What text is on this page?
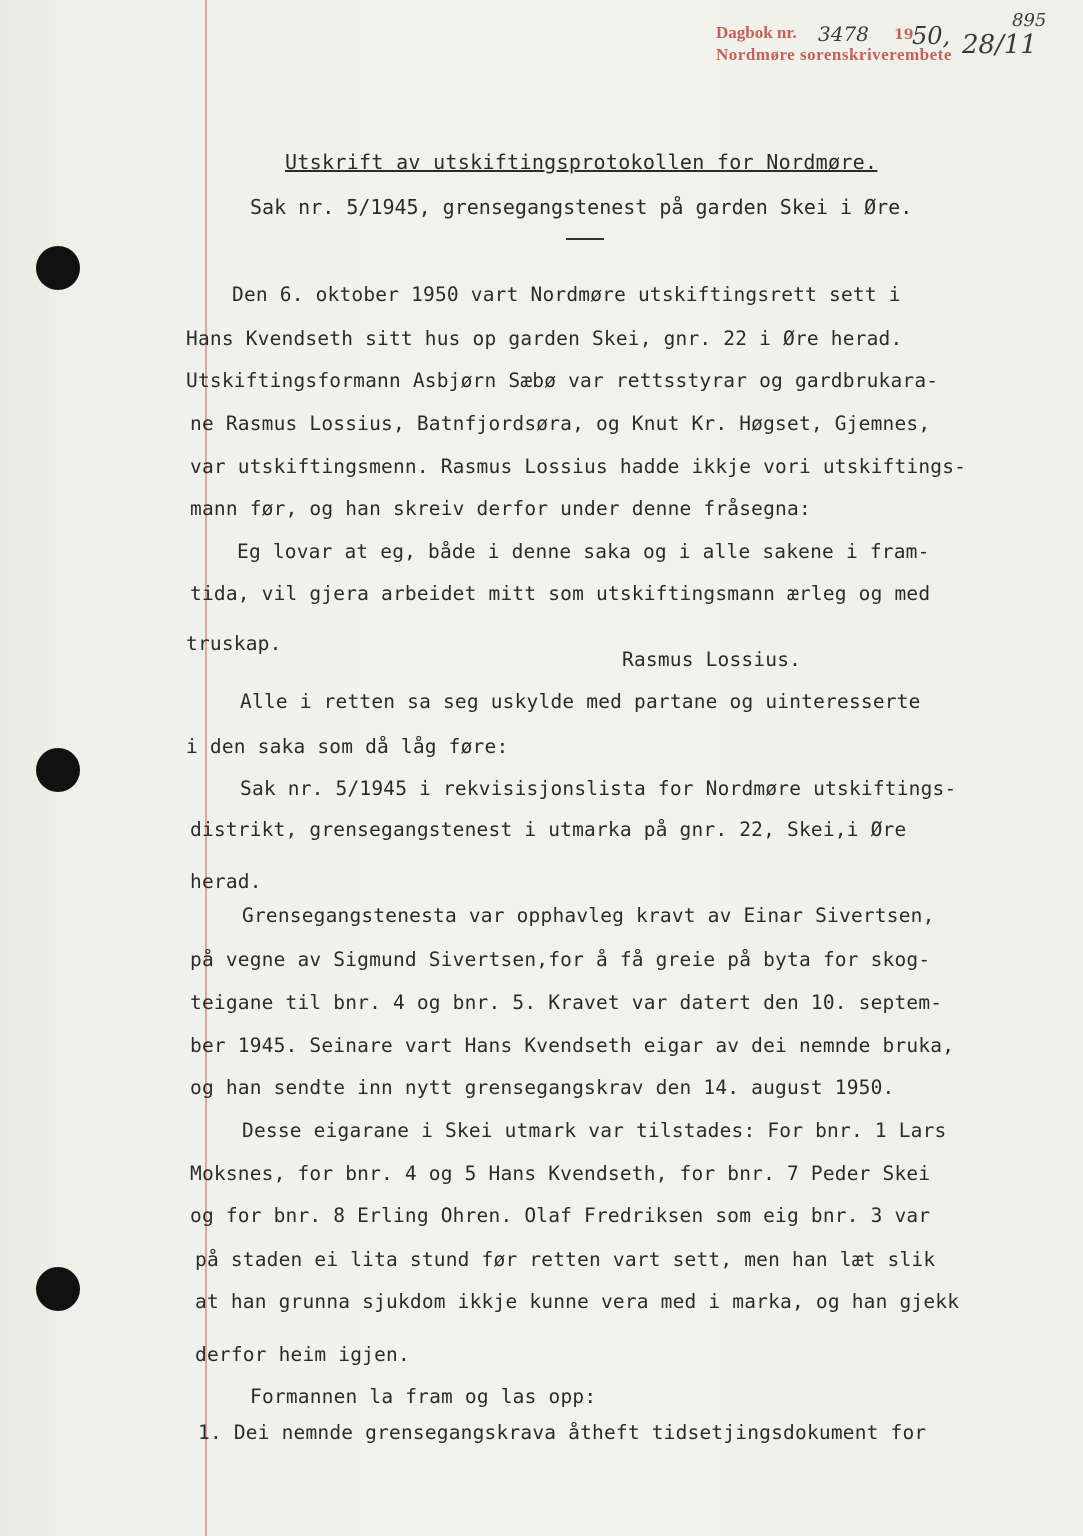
Dagbok nr.
Nordmøre sorenskriverembete
3478 19
50, 28/11
895
Utskrift av utskiftingsprotokollen for Nordmøre.
Sak nr. 5/1945, grensegangstenest på garden Skei i Øre.
Den 6. oktober 1950 vart Nordmøre utskiftingsrett sett i
Hans Kvendseth sitt hus op garden Skei, gnr. 22 i Øre herad.
Utskiftingsformann Asbjørn Sæbø var rettsstyrar og gardbrukara-
ne Rasmus Lossius, Batnfjordsøra, og Knut Kr. Høgset, Gjemnes,
var utskiftingsmenn. Rasmus Lossius hadde ikkje vori utskiftings-
mann før, og han skreiv derfor under denne fråsegna:
Eg lovar at eg, både i denne saka og i alle sakene i fram-
tida, vil gjera arbeidet mitt som utskiftingsmann ærleg og med
truskap.
Rasmus Lossius.
Alle i retten sa seg uskylde med partane og uinteresserte
i den saka som då låg føre:
Sak nr. 5/1945 i rekvisisjonslista for Nordmøre utskiftings-
distrikt, grensegangstenest i utmarka på gnr. 22, Skei,i Øre
herad.
Grensegangstenesta var opphavleg kravt av Einar Sivertsen,
på vegne av Sigmund Sivertsen,for å få greie på byta for skog-
teigane til bnr. 4 og bnr. 5. Kravet var datert den 10. septem-
ber 1945. Seinare vart Hans Kvendseth eigar av dei nemnde bruka,
og han sendte inn nytt grensegangskrav den 14. august 1950.
Desse eigarane i Skei utmark var tilstades: For bnr. 1 Lars
Moksnes, for bnr. 4 og 5 Hans Kvendseth, for bnr. 7 Peder Skei
og for bnr. 8 Erling Ohren. Olaf Fredriksen som eig bnr. 3 var
på staden ei lita stund før retten vart sett, men han læt slik
at han grunna sjukdom ikkje kunne vera med i marka, og han gjekk
derfor heim igjen.
Formannen la fram og las opp:
1. Dei nemnde grensegangskrava åtheft tidsetjingsdokument for
